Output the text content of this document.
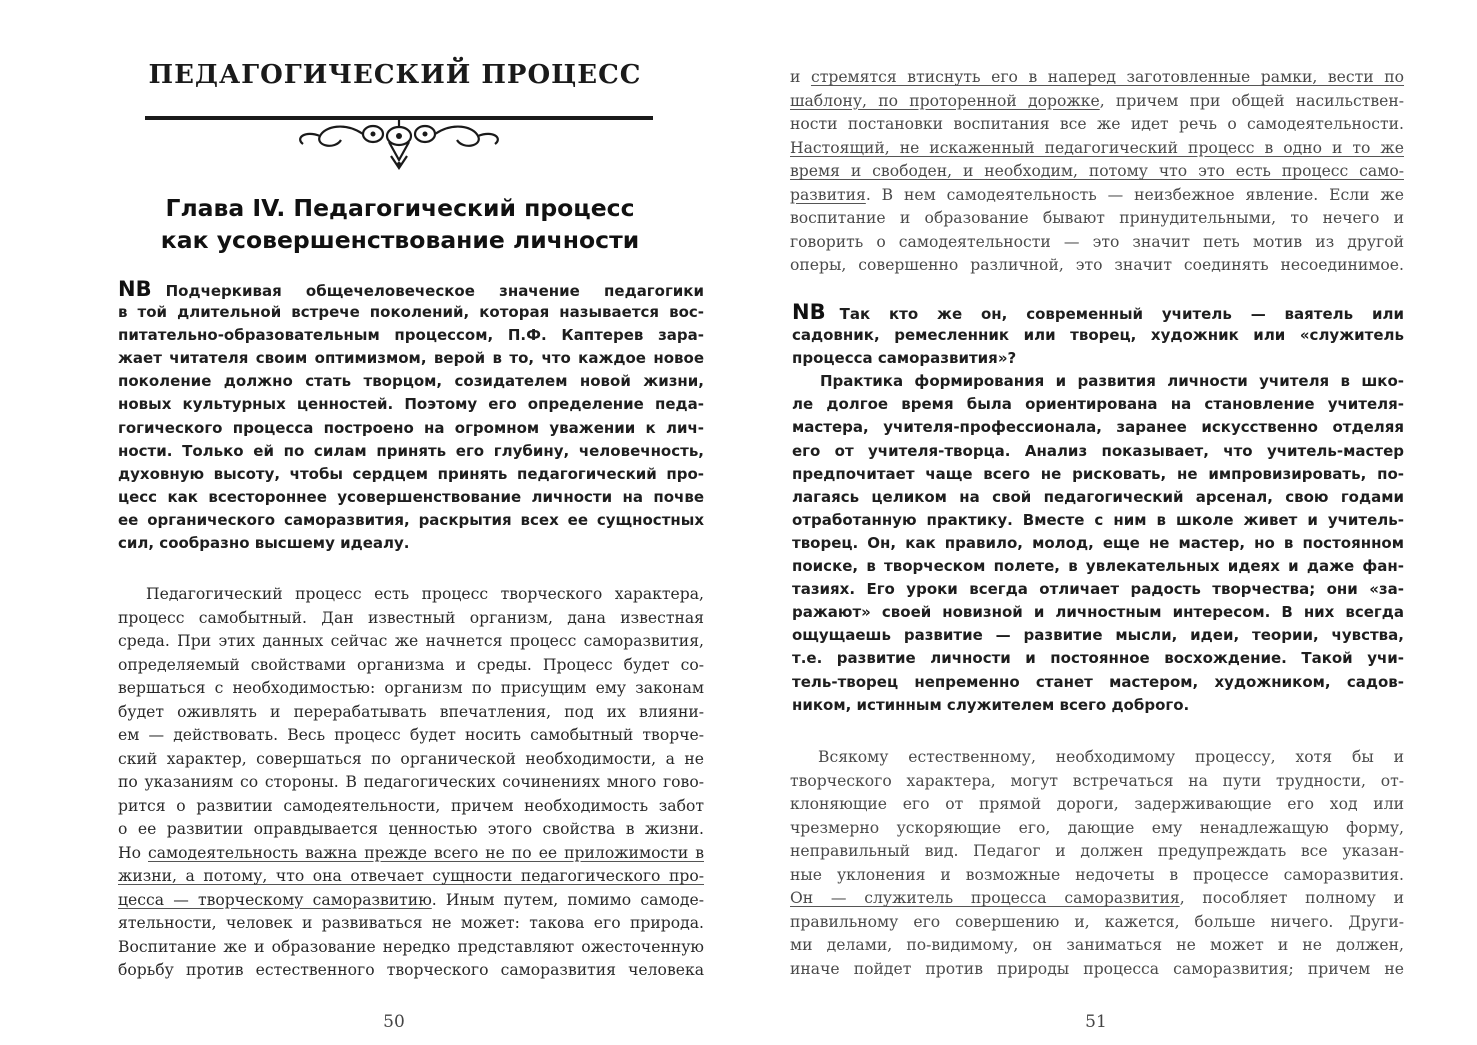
ПЕДАГОГИЧЕСКИЙ ПРОЦЕСС
Глава IV. Педагогический процесс
как усовершенствование личности
NB Подчеркивая общечеловеческое значение педагогики
в той длительной встрече поколений, которая называется вос-
питательно-образовательным процессом, П.Ф. Каптерев зара-
жает читателя своим оптимизмом, верой в то, что каждое новое
поколение должно стать творцом, созидателем новой жизни,
новых культурных ценностей. Поэтому его определение педа-
гогического процесса построено на огромном уважении к лич-
ности. Только ей по силам принять его глубину, человечность,
духовную высоту, чтобы сердцем принять педагогический про-
цесс как всестороннее усовершенствование личности на почве
ее органического саморазвития, раскрытия всех ее сущностных
сил, сообразно высшему идеалу.
Педагогический процесс есть процесс творческого характера,
процесс самобытный. Дан известный организм, дана известная
среда. При этих данных сейчас же начнется процесс саморазвития,
определяемый свойствами организма и среды. Процесс будет со-
вершаться с необходимостью: организм по присущим ему законам
будет оживлять и перерабатывать впечатления, под их влияни-
ем — действовать. Весь процесс будет носить самобытный творче-
ский характер, совершаться по органической необходимости, а не
по указаниям со стороны. В педагогических сочинениях много гово-
рится о развитии самодеятельности, причем необходимость забот
о ее развитии оправдывается ценностью этого свойства в жизни.
Но самодеятельность важна прежде всего не по ее приложимости в
жизни, а потому, что она отвечает сущности педагогического про-
цесса — творческому саморазвитию. Иным путем, помимо самоде-
ятельности, человек и развиваться не может: такова его природа.
Воспитание же и образование нередко представляют ожесточенную
борьбу против естественного творческого саморазвития человека
50
и стремятся втиснуть его в наперед заготовленные рамки, вести по
шаблону, по проторенной дорожке, причем при общей насильствен-
ности постановки воспитания все же идет речь о самодеятельности.
Настоящий, не искаженный педагогический процесс в одно и то же
время и свободен, и необходим, потому что это есть процесс само-
развития. В нем самодеятельность — неизбежное явление. Если же
воспитание и образование бывают принудительными, то нечего и
говорить о самодеятельности — это значит петь мотив из другой
оперы, совершенно различной, это значит соединять несоединимое.
NB Так кто же он, современный учитель — ваятель или
садовник, ремесленник или творец, художник или «служитель
процесса саморазвития»?
Практика формирования и развития личности учителя в шко-
ле долгое время была ориентирована на становление учителя-
мастера, учителя-профессионала, заранее искусственно отделяя
его от учителя-творца. Анализ показывает, что учитель-мастер
предпочитает чаще всего не рисковать, не импровизировать, по-
лагаясь целиком на свой педагогический арсенал, свою годами
отработанную практику. Вместе с ним в школе живет и учитель-
творец. Он, как правило, молод, еще не мастер, но в постоянном
поиске, в творческом полете, в увлекательных идеях и даже фан-
тазиях. Его уроки всегда отличает радость творчества; они «за-
ражают» своей новизной и личностным интересом. В них всегда
ощущаешь развитие — развитие мысли, идеи, теории, чувства,
т.е. развитие личности и постоянное восхождение. Такой учи-
тель-творец непременно станет мастером, художником, садов-
ником, истинным служителем всего доброго.
Всякому естественному, необходимому процессу, хотя бы и
творческого характера, могут встречаться на пути трудности, от-
клоняющие его от прямой дороги, задерживающие его ход или
чрезмерно ускоряющие его, дающие ему ненадлежащую форму,
неправильный вид. Педагог и должен предупреждать все указан-
ные уклонения и возможные недочеты в процессе саморазвития.
Он — служитель процесса саморазвития, пособляет полному и
правильному его совершению и, кажется, больше ничего. Други-
ми делами, по-видимому, он заниматься не может и не должен,
иначе пойдет против природы процесса саморазвития; причем не
51
